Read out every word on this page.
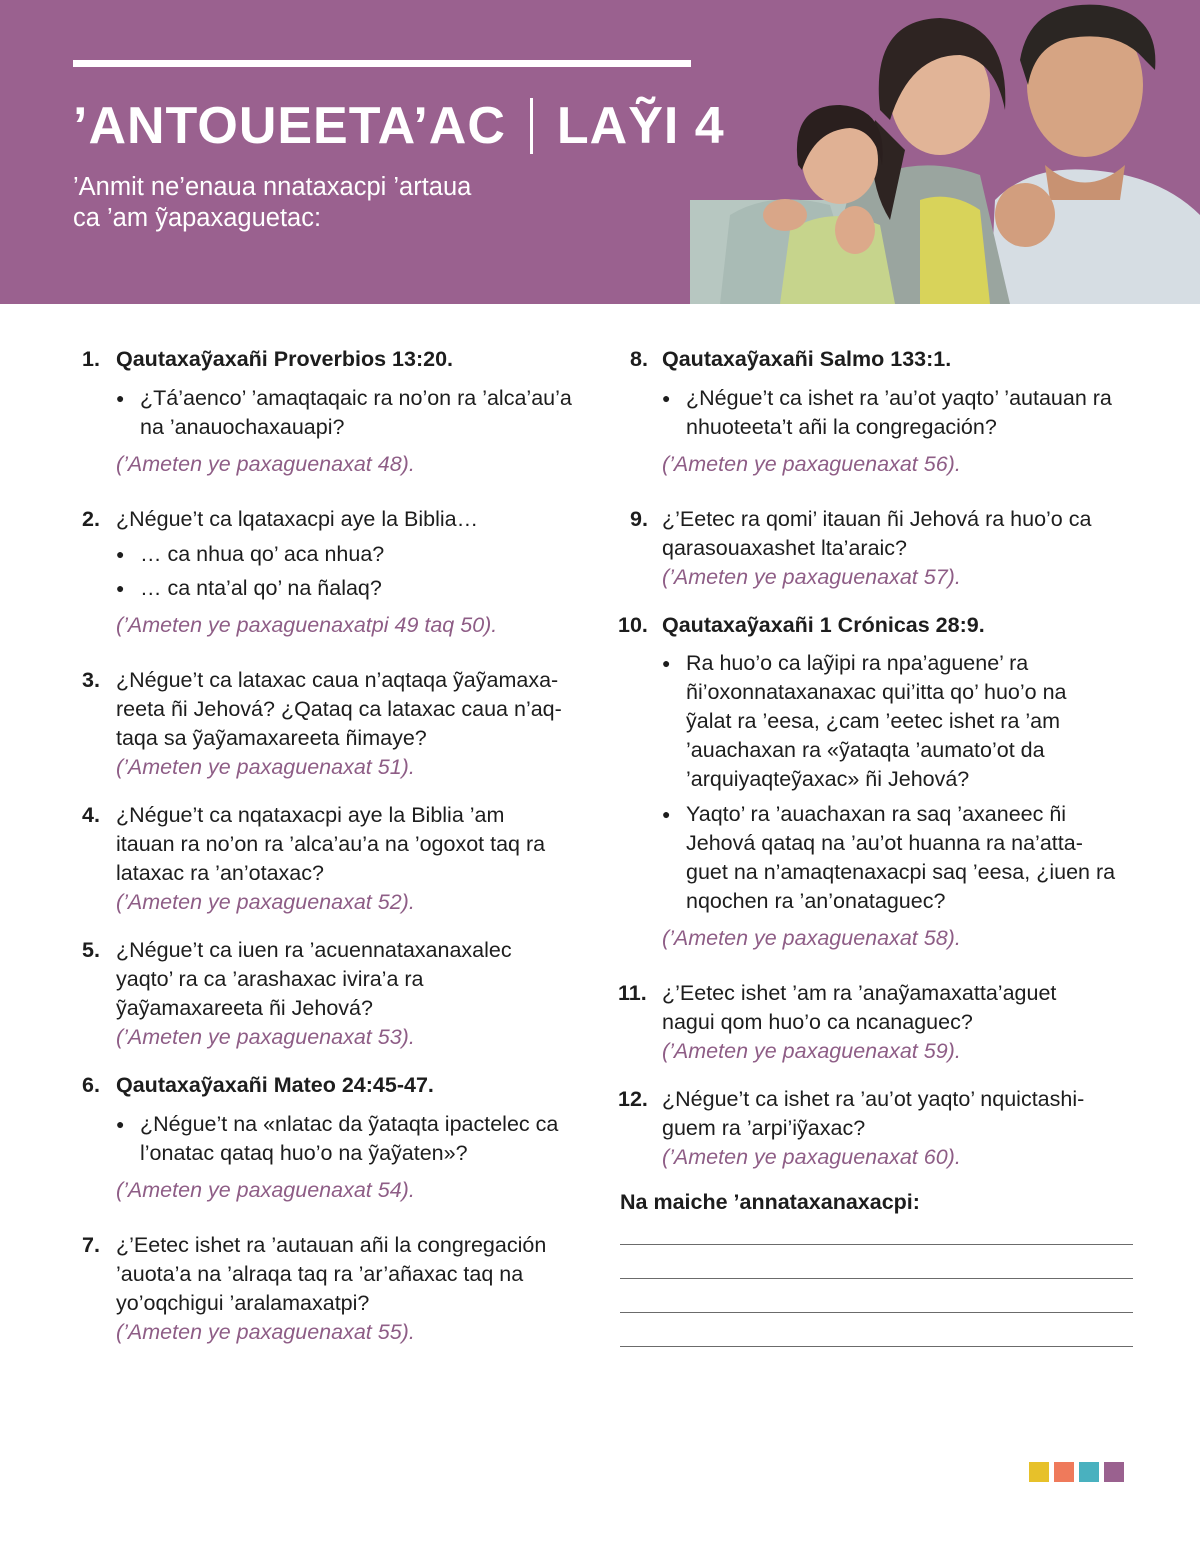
’ANTOUEETA’AC LAỸI 4
’Anmit ne’enaua nnataxacpi ’artaua
ca ’am ỹapaxaguetac:
1. Qautaxaỹaxañi Proverbios 13:20.
● ¿Tá’aenco’ ’amaqtaqaic ra no’on ra ’alca’au’a na ’anauochaxauapi?
(’Ameten ye paxaguenaxat 48).
2. ¿Négue’t ca lqataxacpi aye la Biblia…
● … ca nhua qo’ aca nhua?
● … ca nta’al qo’ na ñalaq?
(’Ameten ye paxaguenaxatpi 49 taq 50).
3. ¿Négue’t ca lataxac caua n’aqtaqa ỹaỹamaxa-reeta ñi Jehová? ¿Qataq ca lataxac caua n’aq-taqa sa ỹaỹamaxareeta ñimaye?
(’Ameten ye paxaguenaxat 51).
4. ¿Négue’t ca nqataxacpi aye la Biblia ’am itauan ra no’on ra ’alca’au’a na ’ogoxot taq ra lataxac ra ’an’otaxac?
(’Ameten ye paxaguenaxat 52).
5. ¿Négue’t ca iuen ra ’acuennataxanaxalec yaqto’ ra ca ’arashaxac ivira’a ra ỹaỹamaxareeta ñi Jehová?
(’Ameten ye paxaguenaxat 53).
6. Qautaxaỹaxañi Mateo 24:45-47.
● ¿Négue’t na «nlatac da ỹataqta ipactelec ca l’onatac qataq huo’o na ỹaỹaten»?
(’Ameten ye paxaguenaxat 54).
7. ¿’Eetec ishet ra ’autauan añi la congregación ’auota’a na ’alraqa taq ra ’ar’añaxac taq na yo’oqchigui ’aralamaxatpi?
(’Ameten ye paxaguenaxat 55).
8. Qautaxaỹaxañi Salmo 133:1.
● ¿Négue’t ca ishet ra ’au’ot yaqto’ ’autauan ra nhuoteeta’t añi la congregación?
(’Ameten ye paxaguenaxat 56).
9. ¿’Eetec ra qomi’ itauan ñi Jehová ra huo’o ca qarasouaxashet lta’araic?
(’Ameten ye paxaguenaxat 57).
10. Qautaxaỹaxañi 1 Crónicas 28:9.
● Ra huo’o ca laỹipi ra npa’aguene’ ra ñi’oxonnataxanaxac qui’itta qo’ huo’o na ỹalat ra ’eesa, ¿cam ’eetec ishet ra ’am ’auachaxan ra «ỹataqta ’aumato’ot da ’arquiyaqteỹaxac» ñi Jehová?
● Yaqto’ ra ’auachaxan ra saq ’axaneec ñi Jehová qataq na ’au’ot huanna ra na’atta-guet na n’amaqtenaxacpi saq ’eesa, ¿iuen ra nqochen ra ’an’onataguec?
(’Ameten ye paxaguenaxat 58).
11. ¿’Eetec ishet ’am ra ’anaỹamaxatta’aguet nagui qom huo’o ca ncanaguec?
(’Ameten ye paxaguenaxat 59).
12. ¿Négue’t ca ishet ra ’au’ot yaqto’ nquictashi-guem ra ’arpi’iỹaxac?
(’Ameten ye paxaguenaxat 60).
Na maiche ’annataxanaxacpi:
